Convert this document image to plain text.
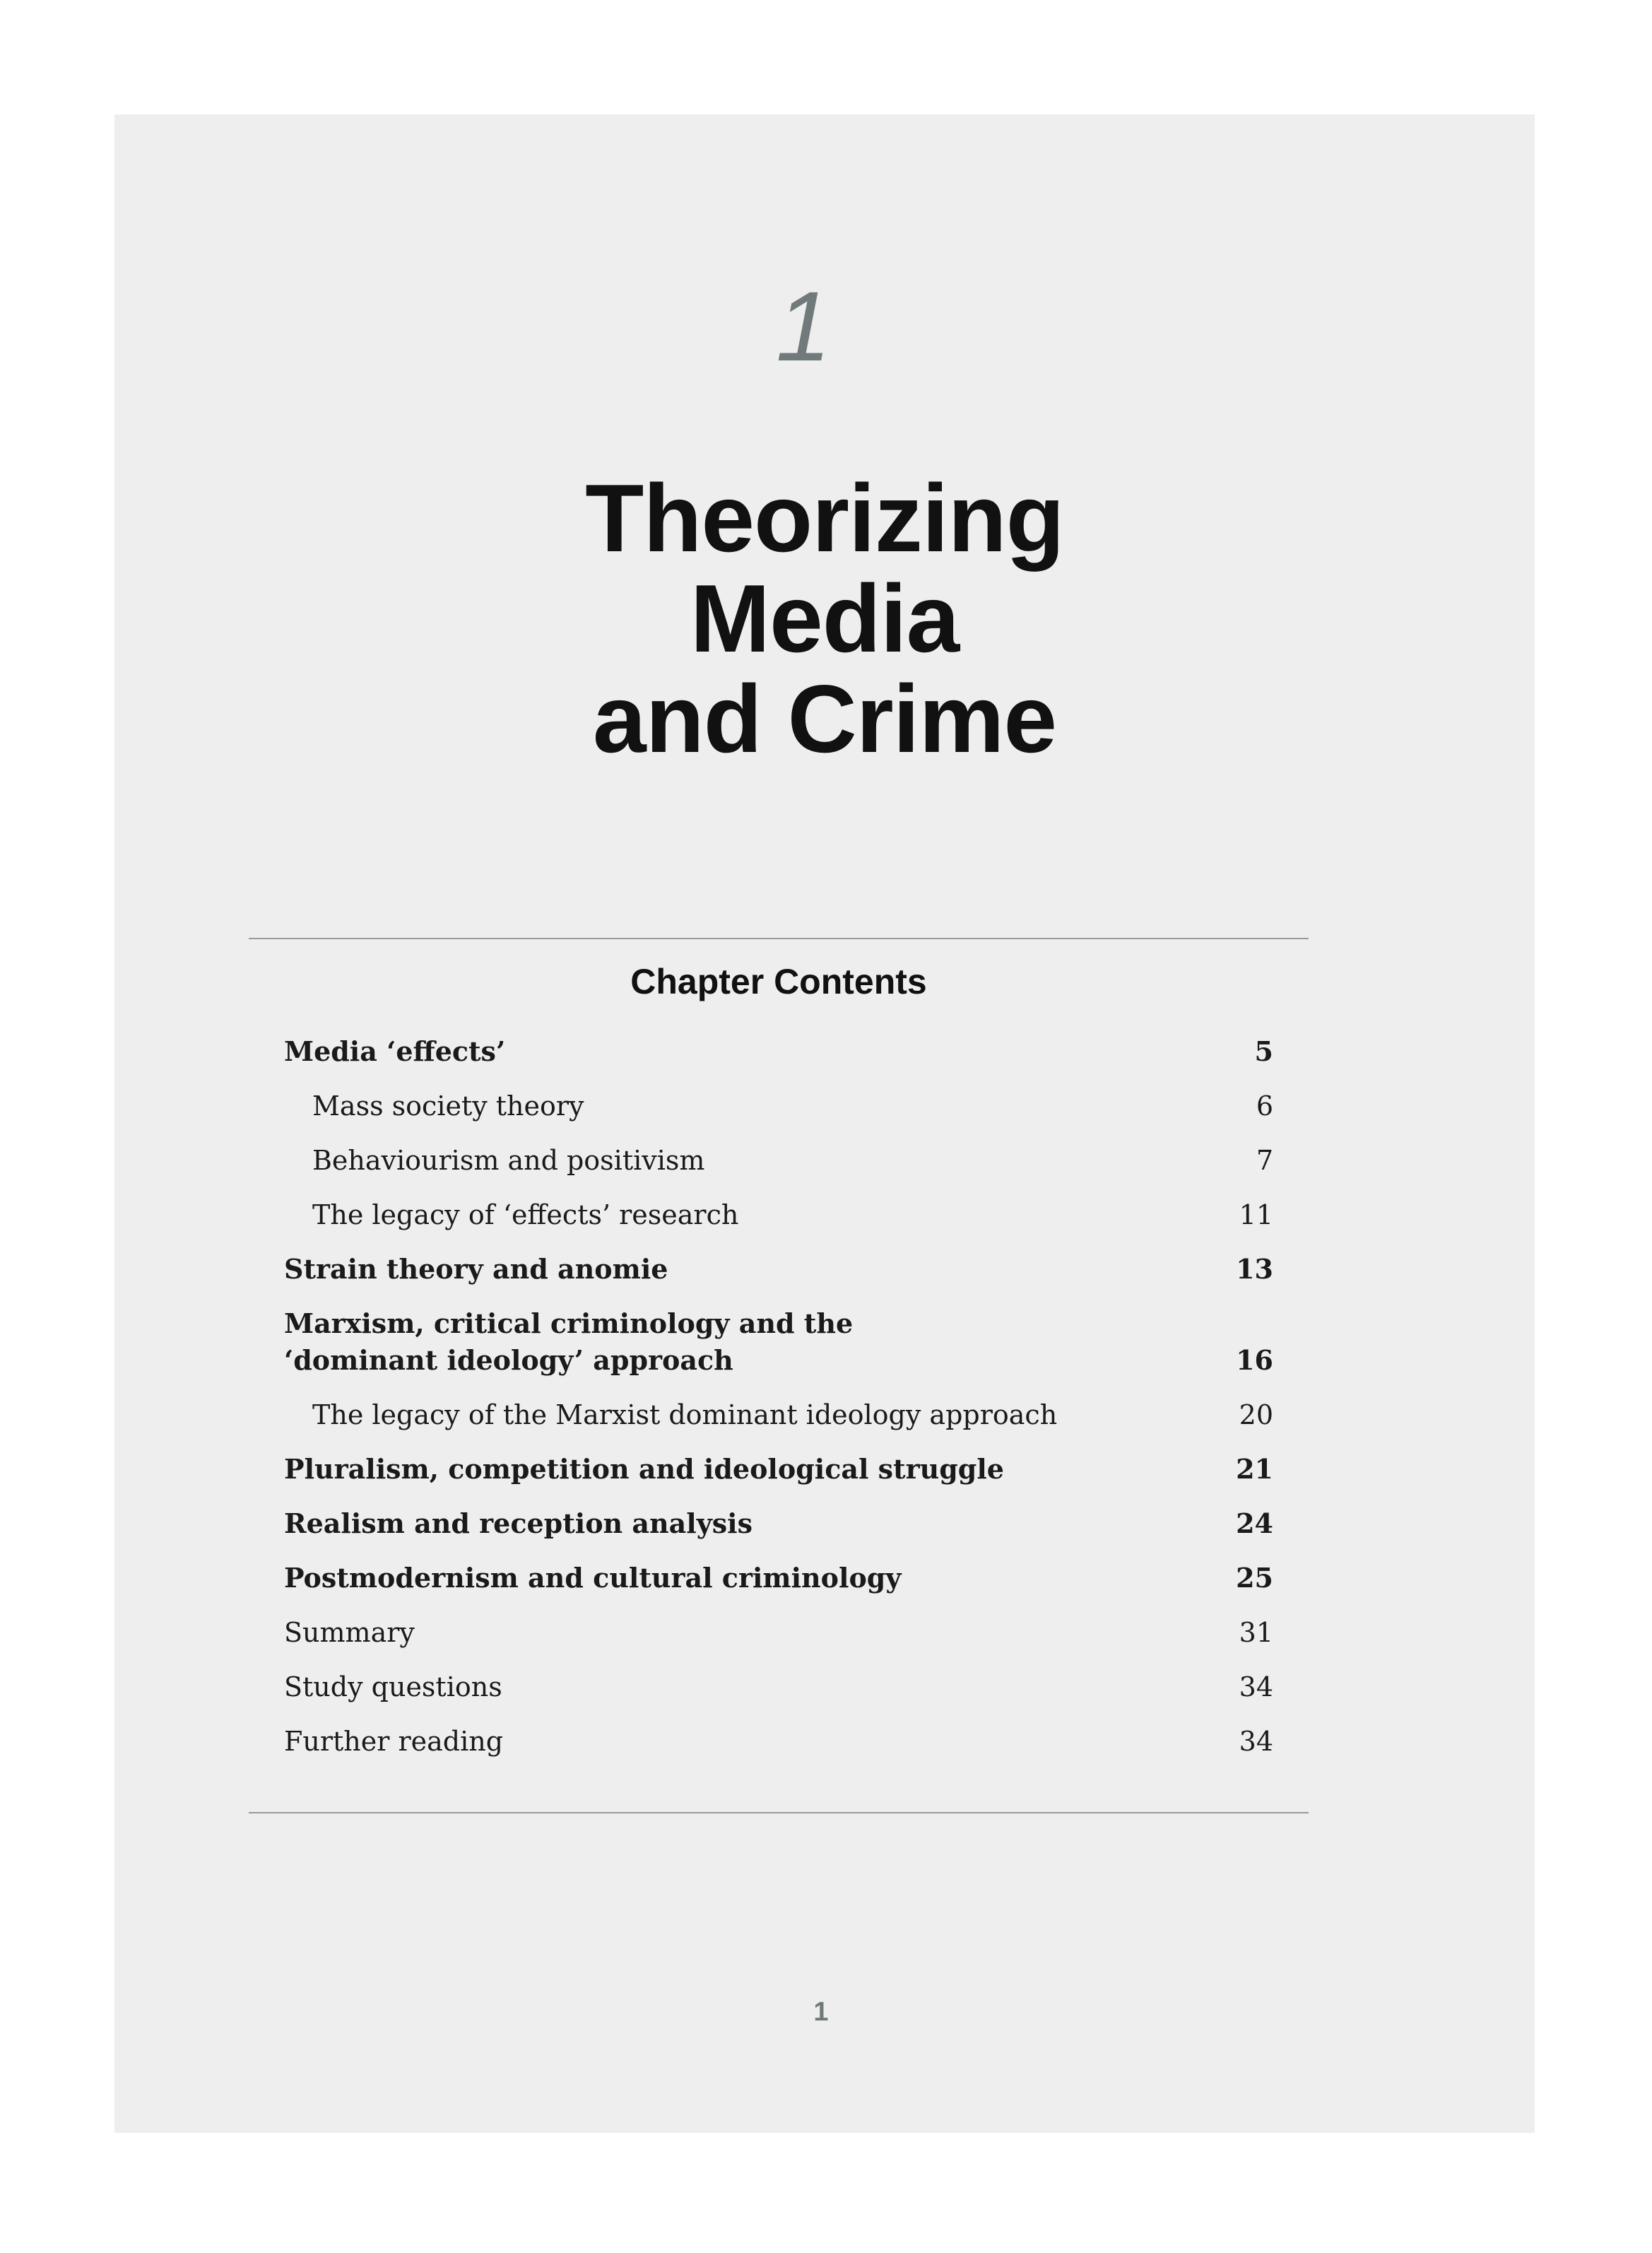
1
Theorizing
Media
and Crime
Chapter Contents
Media ‘effects’	5
Mass society theory	6
Behaviourism and positivism	7
The legacy of ‘effects’ research	11
Strain theory and anomie	13
Marxism, critical criminology and the
‘dominant ideology’ approach	16
The legacy of the Marxist dominant ideology approach	20
Pluralism, competition and ideological struggle	21
Realism and reception analysis	24
Postmodernism and cultural criminology	25
Summary	31
Study questions	34
Further reading	34
1
